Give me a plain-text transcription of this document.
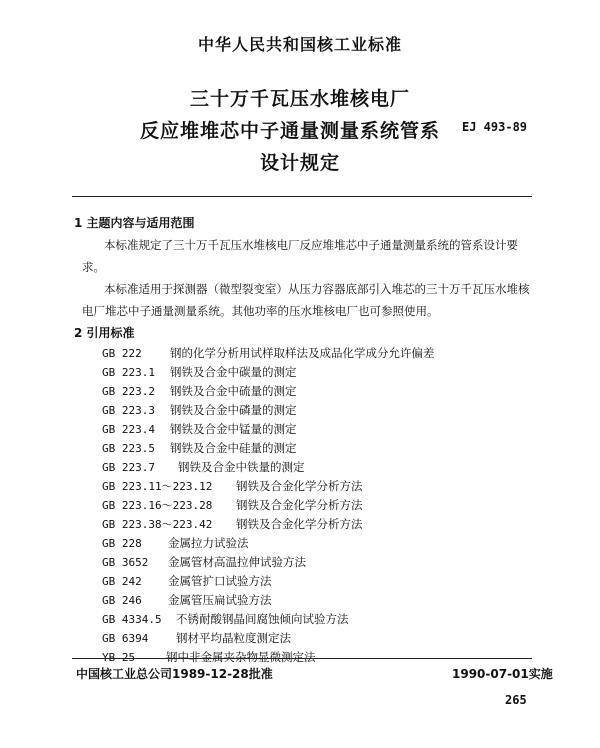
中华人民共和国核工业标准
三十万千瓦压水堆核电厂
反应堆堆芯中子通量测量系统管系	EJ 493-89
设计规定
1 主题内容与适用范围

本标准规定了三十万千瓦压水堆核电厂反应堆堆芯中子通量测量系统的管系设计要求。

本标准适用于探测器（微型裂变室）从压力容器底部引入堆芯的三十万千瓦压水堆核电厂堆芯中子通量测量系统。其他功率的压水堆核电厂也可参照使用。

2 引用标准
GB 222 钢的化学分析用试样取样法及成品化学成分允许偏差
GB 223.1 钢铁及合金中碳量的测定
GB 223.2 钢铁及合金中硫量的测定
GB 223.3 钢铁及合金中磷量的测定
GB 223.4 钢铁及合金中锰量的测定
GB 223.5 钢铁及合金中硅量的测定
GB 223.7 钢铁及合金中铁量的测定
GB 223.11～223.12 钢铁及合金化学分析方法
GB 223.16～223.28 钢铁及合金化学分析方法
GB 223.38～223.42 钢铁及合金化学分析方法
GB 228 金属拉力试验法
GB 3652 金属管材高温拉伸试验方法
GB 242 金属管扩口试验方法
GB 246 金属管压扁试验方法
GB 4334.5 不锈耐酸钢晶间腐蚀倾向试验方法
GB 6394 钢材平均晶粒度测定法
YB 25	钢中非金属夹杂物显微测定法
中国核工业总公司1989-12-28批准	1990-07-01实施
265
